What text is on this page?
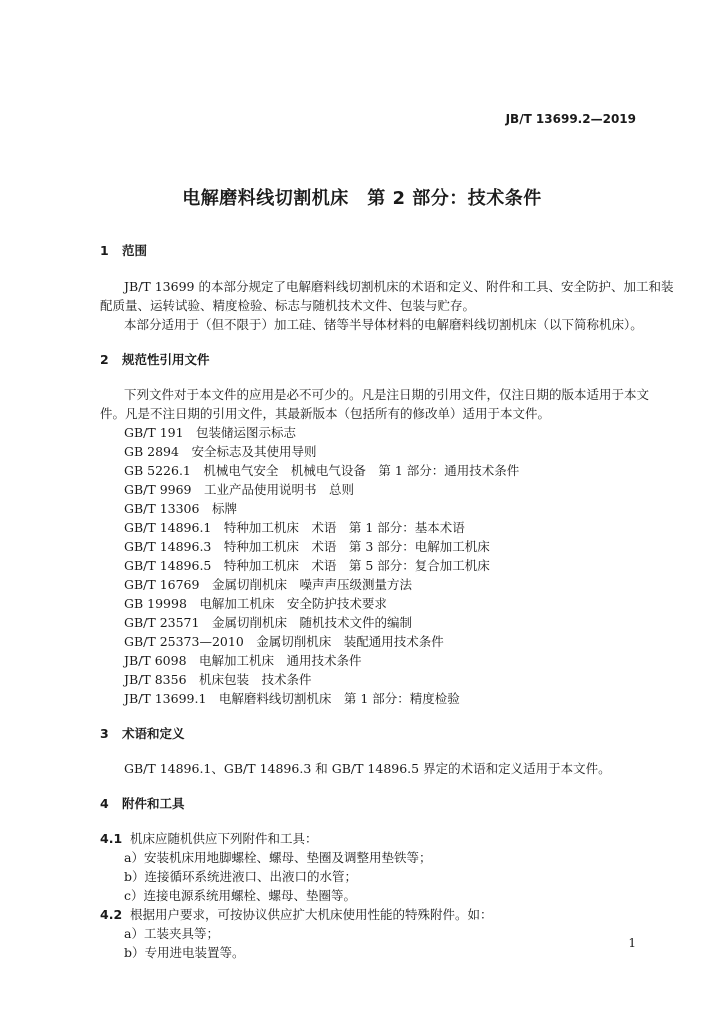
JB/T 13699.2—2019
电解磨料线切割机床　第 2 部分：技术条件
1 范围
JB/T 13699 的本部分规定了电解磨料线切割机床的术语和定义、附件和工具、安全防护、加工和装
配质量、运转试验、精度检验、标志与随机技术文件、包装与贮存。
本部分适用于（但不限于）加工硅、锗等半导体材料的电解磨料线切割机床（以下简称机床）。
2 规范性引用文件
下列文件对于本文件的应用是必不可少的。凡是注日期的引用文件，仅注日期的版本适用于本文
件。凡是不注日期的引用文件，其最新版本（包括所有的修改单）适用于本文件。
GB/T 191　包装储运图示标志
GB 2894　安全标志及其使用导则
GB 5226.1　机械电气安全　机械电气设备　第 1 部分：通用技术条件
GB/T 9969　工业产品使用说明书　总则
GB/T 13306　标牌
GB/T 14896.1　特种加工机床　术语　第 1 部分：基本术语
GB/T 14896.3　特种加工机床　术语　第 3 部分：电解加工机床
GB/T 14896.5　特种加工机床　术语　第 5 部分：复合加工机床
GB/T 16769　金属切削机床　噪声声压级测量方法
GB 19998　电解加工机床　安全防护技术要求
GB/T 23571　金属切削机床　随机技术文件的编制
GB/T 25373—2010　金属切削机床　装配通用技术条件
JB/T 6098　电解加工机床　通用技术条件
JB/T 8356　机床包装　技术条件
JB/T 13699.1　电解磨料线切割机床　第 1 部分：精度检验
3 术语和定义
GB/T 14896.1、GB/T 14896.3 和 GB/T 14896.5 界定的术语和定义适用于本文件。
4 附件和工具
4.1 机床应随机供应下列附件和工具：
a）安装机床用地脚螺栓、螺母、垫圈及调整用垫铁等；
b）连接循环系统进液口、出液口的水管；
c）连接电源系统用螺栓、螺母、垫圈等。
4.2 根据用户要求，可按协议供应扩大机床使用性能的特殊附件。如：
a）工装夹具等；
b）专用进电装置等。
1
